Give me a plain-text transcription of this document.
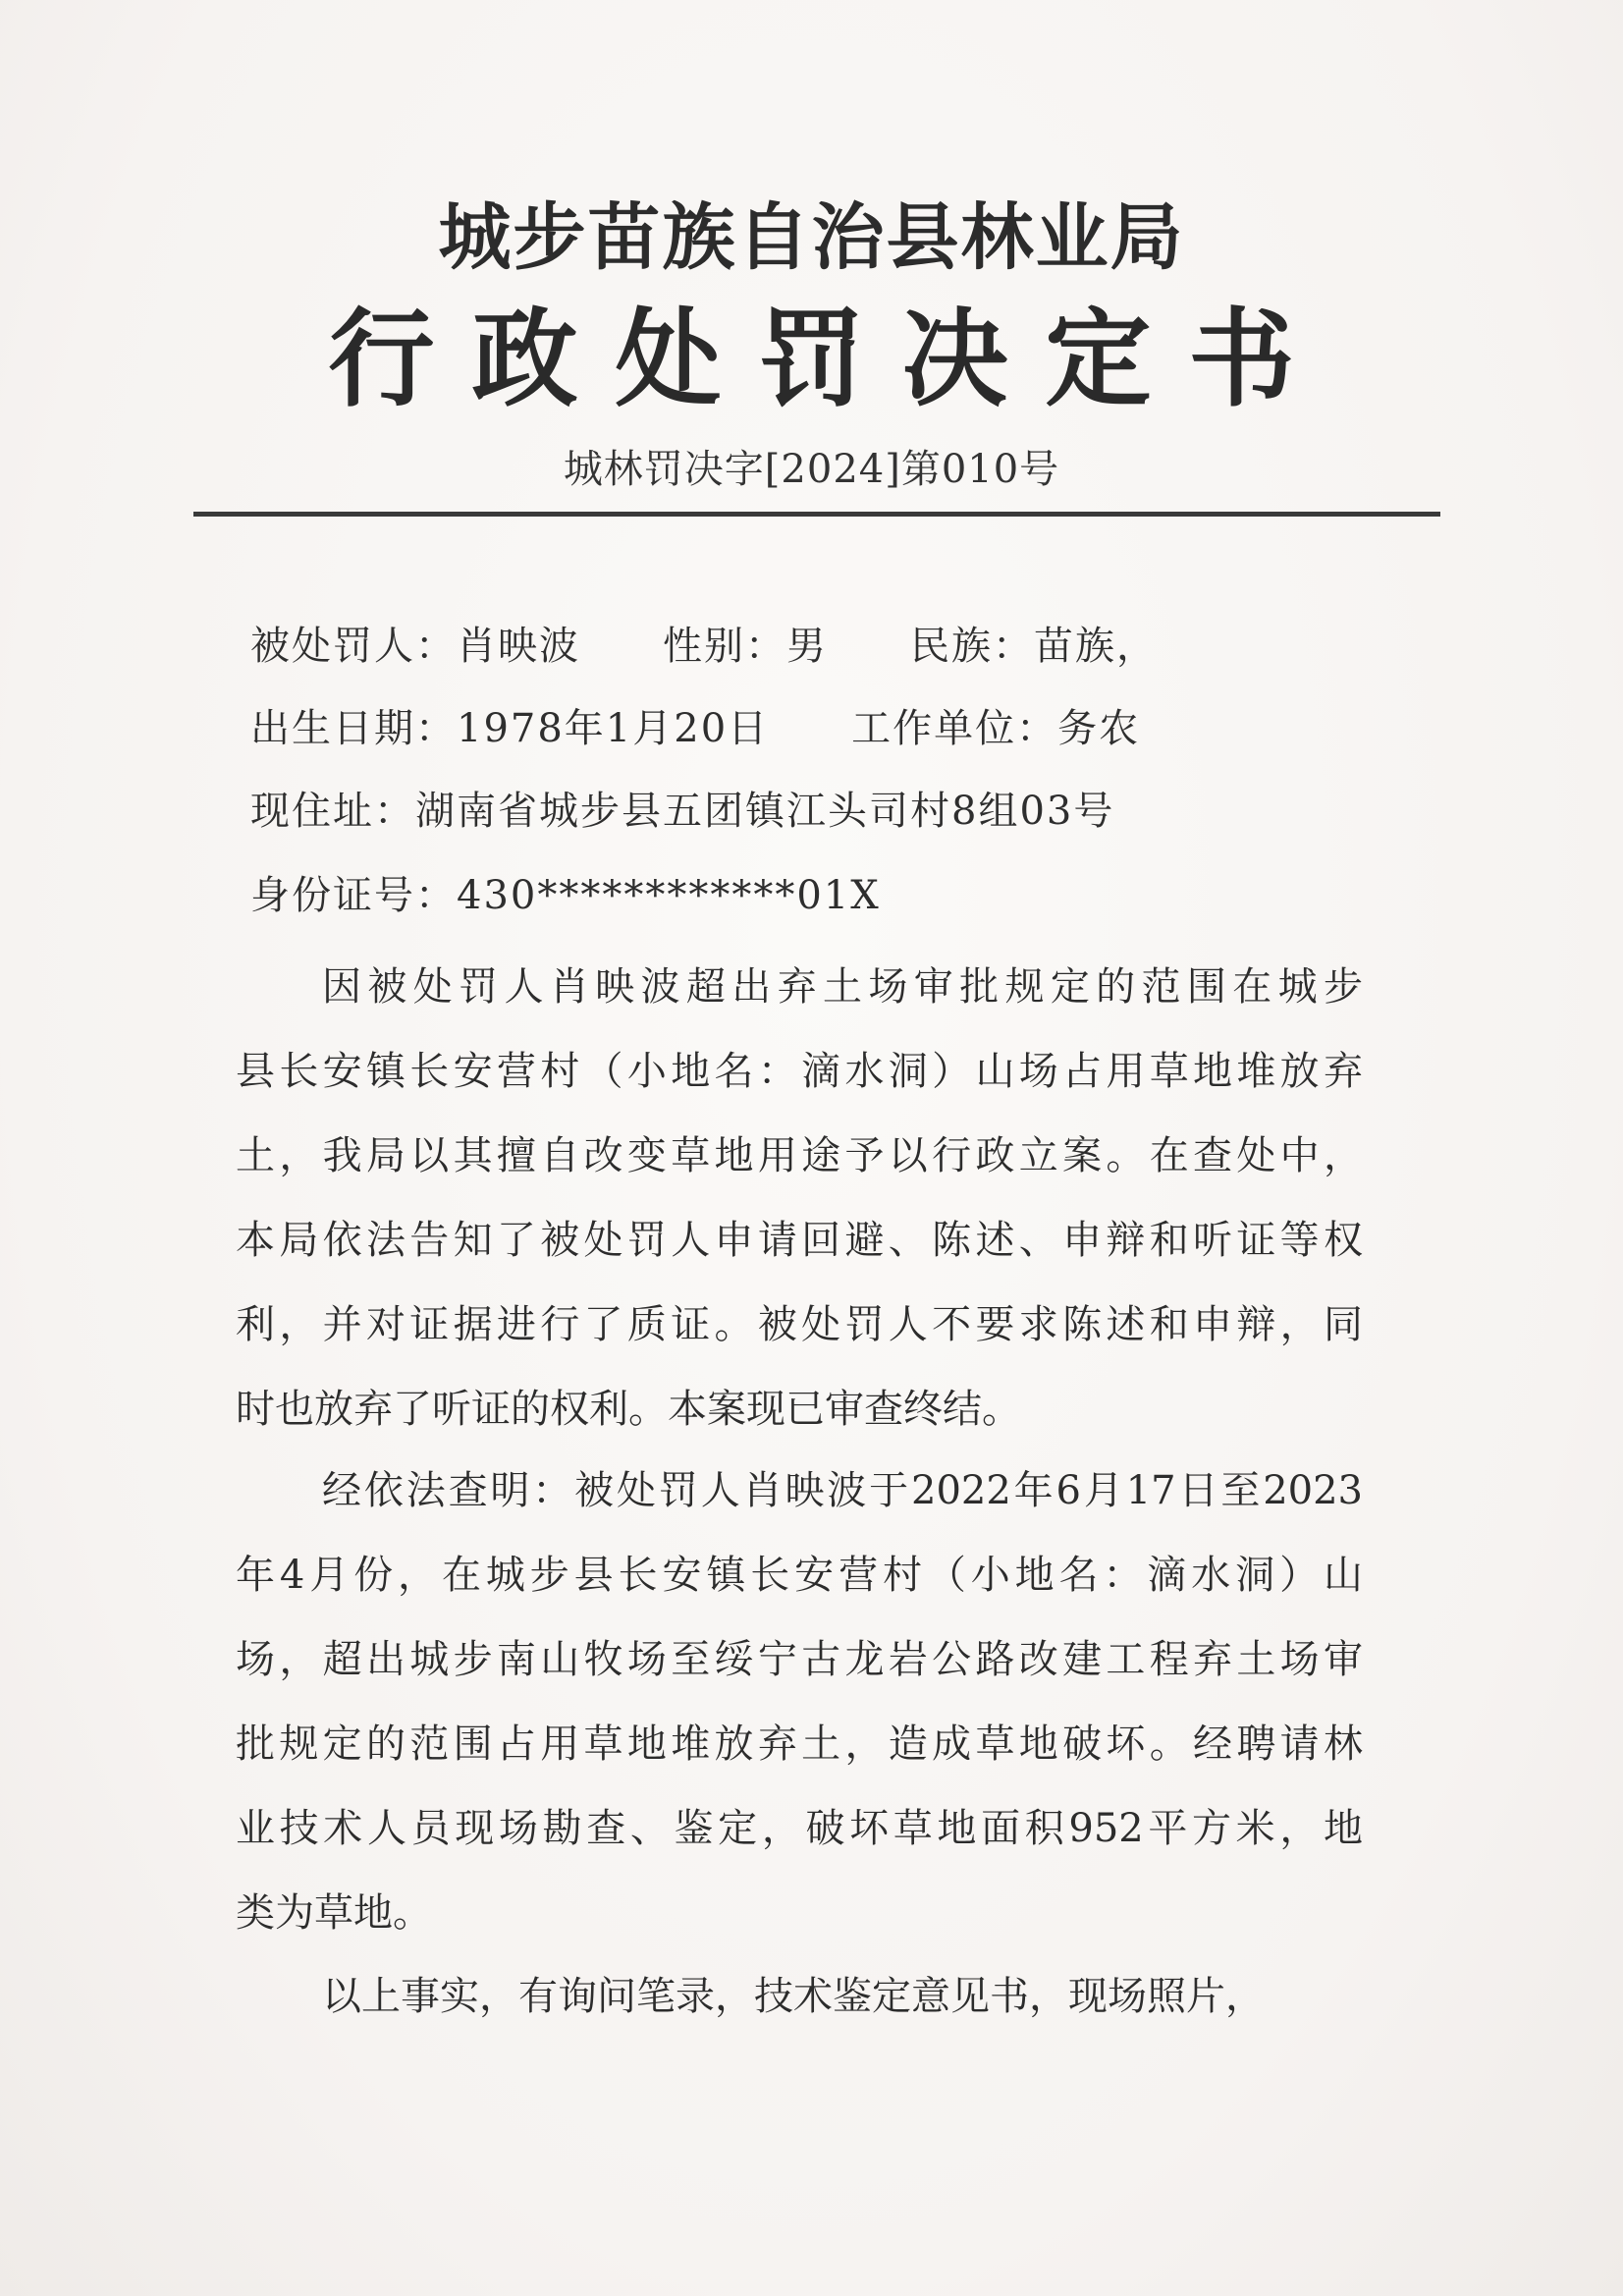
城步苗族自治县林业局
行政处罚决定书
城林罚决字[2024]第010号
被处罚人：肖映波　　性别：男　　民族：苗族，
出生日期：1978年1月20日　　工作单位：务农
现住址：湖南省城步县五团镇江头司村8组03号
身份证号：430************01X
因被处罚人肖映波超出弃土场审批规定的范围在城步
县长安镇长安营村（小地名：滴水洞）山场占用草地堆放弃
土，我局以其擅自改变草地用途予以行政立案。在查处中，
本局依法告知了被处罚人申请回避、陈述、申辩和听证等权
利，并对证据进行了质证。被处罚人不要求陈述和申辩，同
时也放弃了听证的权利。本案现已审查终结。
经依法查明：被处罚人肖映波于2022年6月17日至2023
年4月份，在城步县长安镇长安营村（小地名：滴水洞）山
场，超出城步南山牧场至绥宁古龙岩公路改建工程弃土场审
批规定的范围占用草地堆放弃土，造成草地破坏。经聘请林
业技术人员现场勘查、鉴定，破坏草地面积952平方米，地
类为草地。
以上事实，有询问笔录，技术鉴定意见书，现场照片，
